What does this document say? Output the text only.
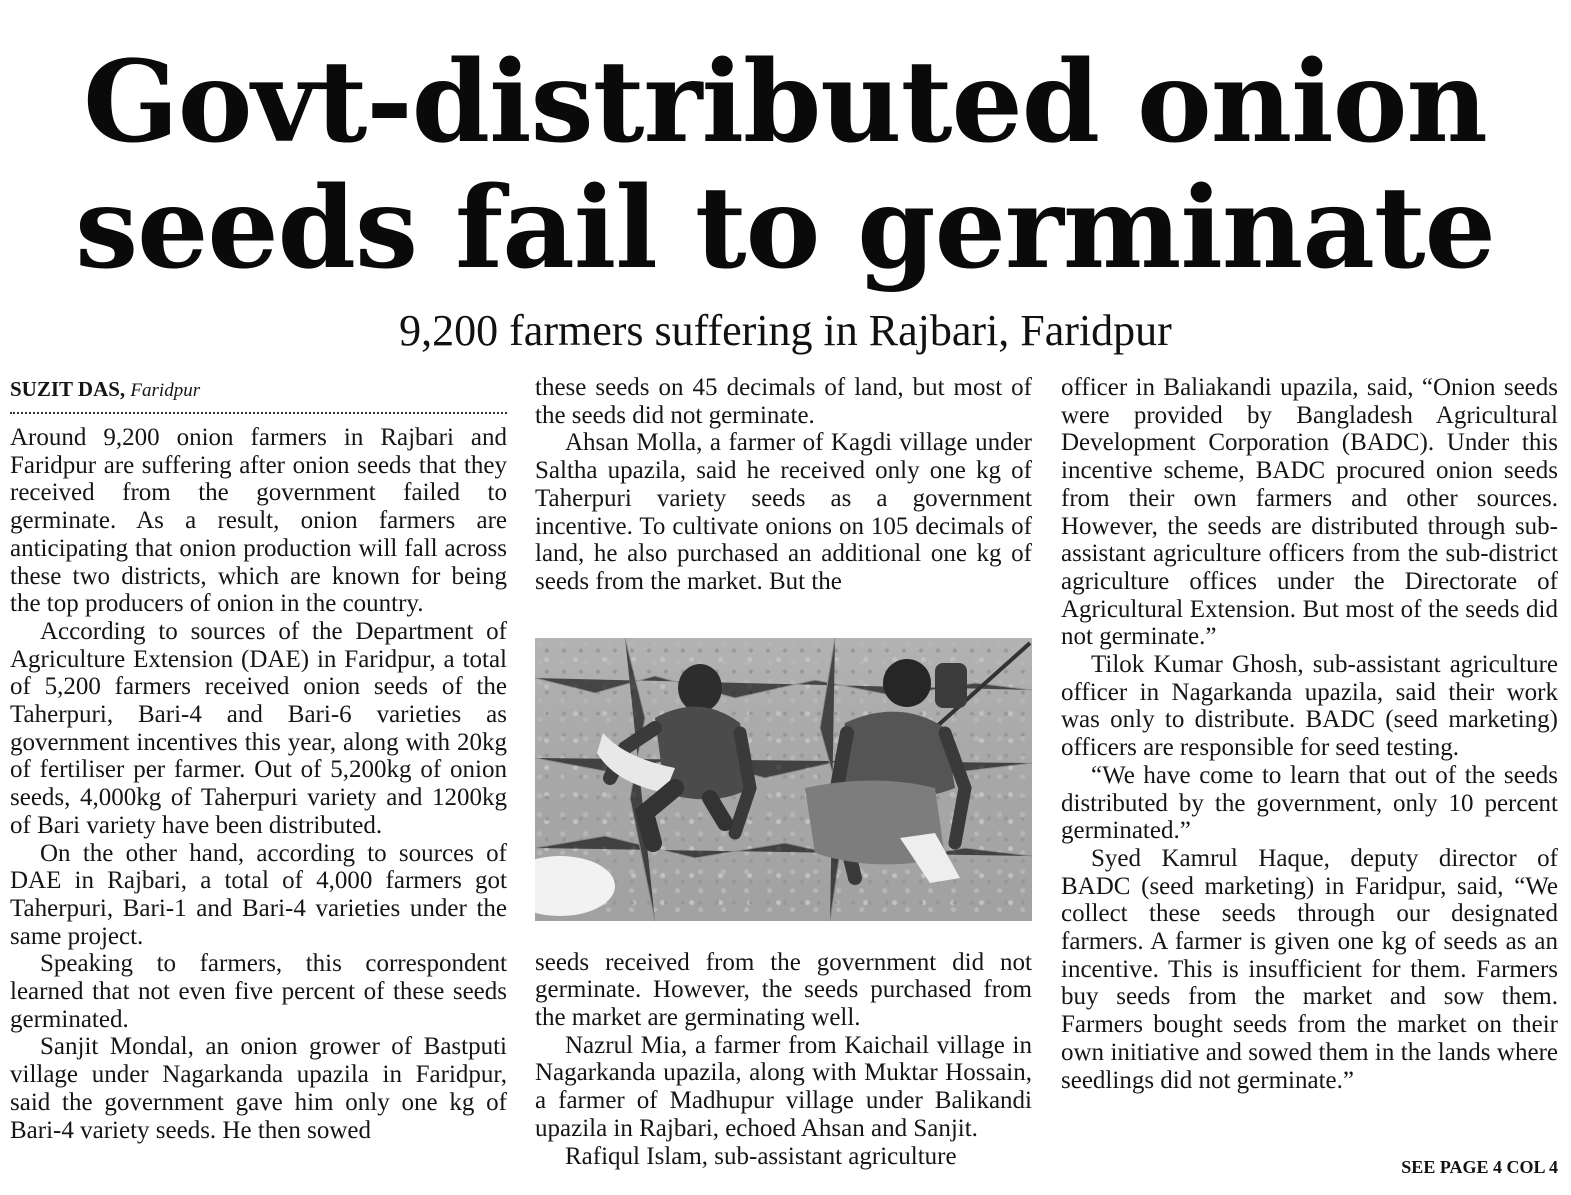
Govt-distributed onion
seeds fail to germinate
9,200 farmers suffering in Rajbari, Faridpur
SUZIT DAS, Faridpur

Around 9,200 onion farmers in Rajbari and Faridpur are suffering after onion seeds that they received from the government failed to germinate. As a result, onion farmers are anticipating that onion production will fall across these two districts, which are known for being the top producers of onion in the country.

According to sources of the Department of Agriculture Extension (DAE) in Faridpur, a total of 5,200 farmers received onion seeds of the Taherpuri, Bari-4 and Bari-6 varieties as government incentives this year, along with 20kg of fertiliser per farmer. Out of 5,200kg of onion seeds, 4,000kg of Taherpuri variety and 1200kg of Bari variety have been distributed.

On the other hand, according to sources of DAE in Rajbari, a total of 4,000 farmers got Taherpuri, Bari-1 and Bari-4 varieties under the same project.

Speaking to farmers, this correspondent learned that not even five percent of these seeds germinated.

Sanjit Mondal, an onion grower of Bastputi village under Nagarkanda upazila in Faridpur, said the government gave him only one kg of Bari-4 variety seeds. He then sowed

these seeds on 45 decimals of land, but most of the seeds did not germinate.

Ahsan Molla, a farmer of Kagdi village under Saltha upazila, said he received only one kg of Taherpuri variety seeds as a government incentive. To cultivate onions on 105 decimals of land, he also purchased an additional one kg of seeds from the market. But the

seeds received from the government did not germinate. However, the seeds purchased from the market are germinating well.

Nazrul Mia, a farmer from Kaichail village in Nagarkanda upazila, along with Muktar Hossain, a farmer of Madhupur village under Balikandi upazila in Rajbari, echoed Ahsan and Sanjit.

Rafiqul Islam, sub-assistant agriculture

officer in Baliakandi upazila, said, “Onion seeds were provided by Bangladesh Agricultural Development Corporation (BADC). Under this incentive scheme, BADC procured onion seeds from their own farmers and other sources. However, the seeds are distributed through sub-assistant agriculture officers from the sub-district agriculture offices under the Directorate of Agricultural Extension. But most of the seeds did not germinate.”

Tilok Kumar Ghosh, sub-assistant agriculture officer in Nagarkanda upazila, said their work was only to distribute. BADC (seed marketing) officers are responsible for seed testing.

“We have come to learn that out of the seeds distributed by the government, only 10 percent germinated.”

Syed Kamrul Haque, deputy director of BADC (seed marketing) in Faridpur, said, “We collect these seeds through our designated farmers. A farmer is given one kg of seeds as an incentive. This is insufficient for them. Farmers buy seeds from the market and sow them. Farmers bought seeds from the market on their own initiative and sowed them in the lands where seedlings did not germinate.”

SEE PAGE 4 COL 4
